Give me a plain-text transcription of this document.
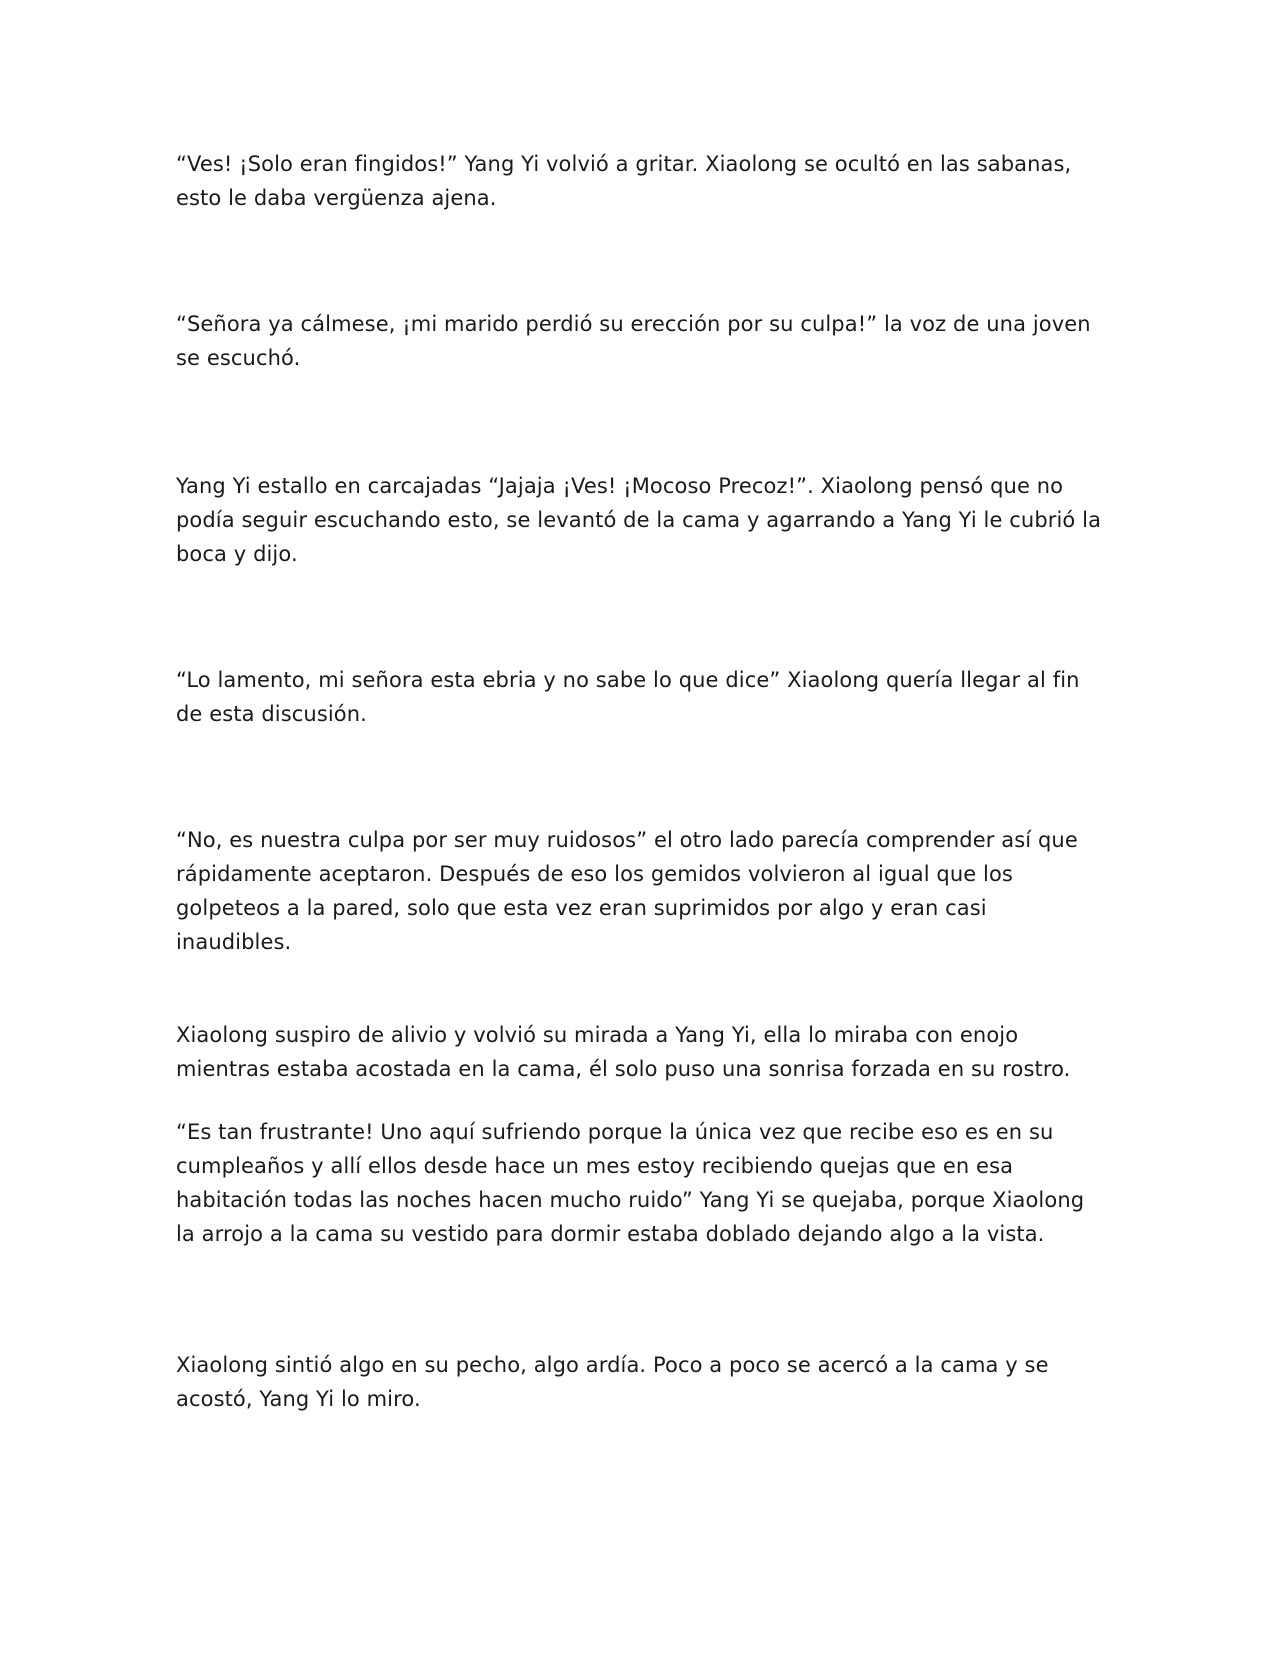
“Ves! ¡Solo eran fingidos!” Yang Yi volvió a gritar. Xiaolong se ocultó en las sabanas, esto le daba vergüenza ajena.

“Señora ya cálmese, ¡mi marido perdió su erección por su culpa!” la voz de una joven se escuchó.

Yang Yi estallo en carcajadas “Jajaja ¡Ves! ¡Mocoso Precoz!”. Xiaolong pensó que no podía seguir escuchando esto, se levantó de la cama y agarrando a Yang Yi le cubrió la boca y dijo.

“Lo lamento, mi señora esta ebria y no sabe lo que dice” Xiaolong quería llegar al fin de esta discusión.

“No, es nuestra culpa por ser muy ruidosos” el otro lado parecía comprender así que rápidamente aceptaron. Después de eso los gemidos volvieron al igual que los golpeteos a la pared, solo que esta vez eran suprimidos por algo y eran casi inaudibles.

Xiaolong suspiro de alivio y volvió su mirada a Yang Yi, ella lo miraba con enojo mientras estaba acostada en la cama, él solo puso una sonrisa forzada en su rostro.

“Es tan frustrante! Uno aquí sufriendo porque la única vez que recibe eso es en su cumpleaños y allí ellos desde hace un mes estoy recibiendo quejas que en esa habitación todas las noches hacen mucho ruido” Yang Yi se quejaba, porque Xiaolong la arrojo a la cama su vestido para dormir estaba doblado dejando algo a la vista.

Xiaolong sintió algo en su pecho, algo ardía. Poco a poco se acercó a la cama y se acostó, Yang Yi lo miro.
